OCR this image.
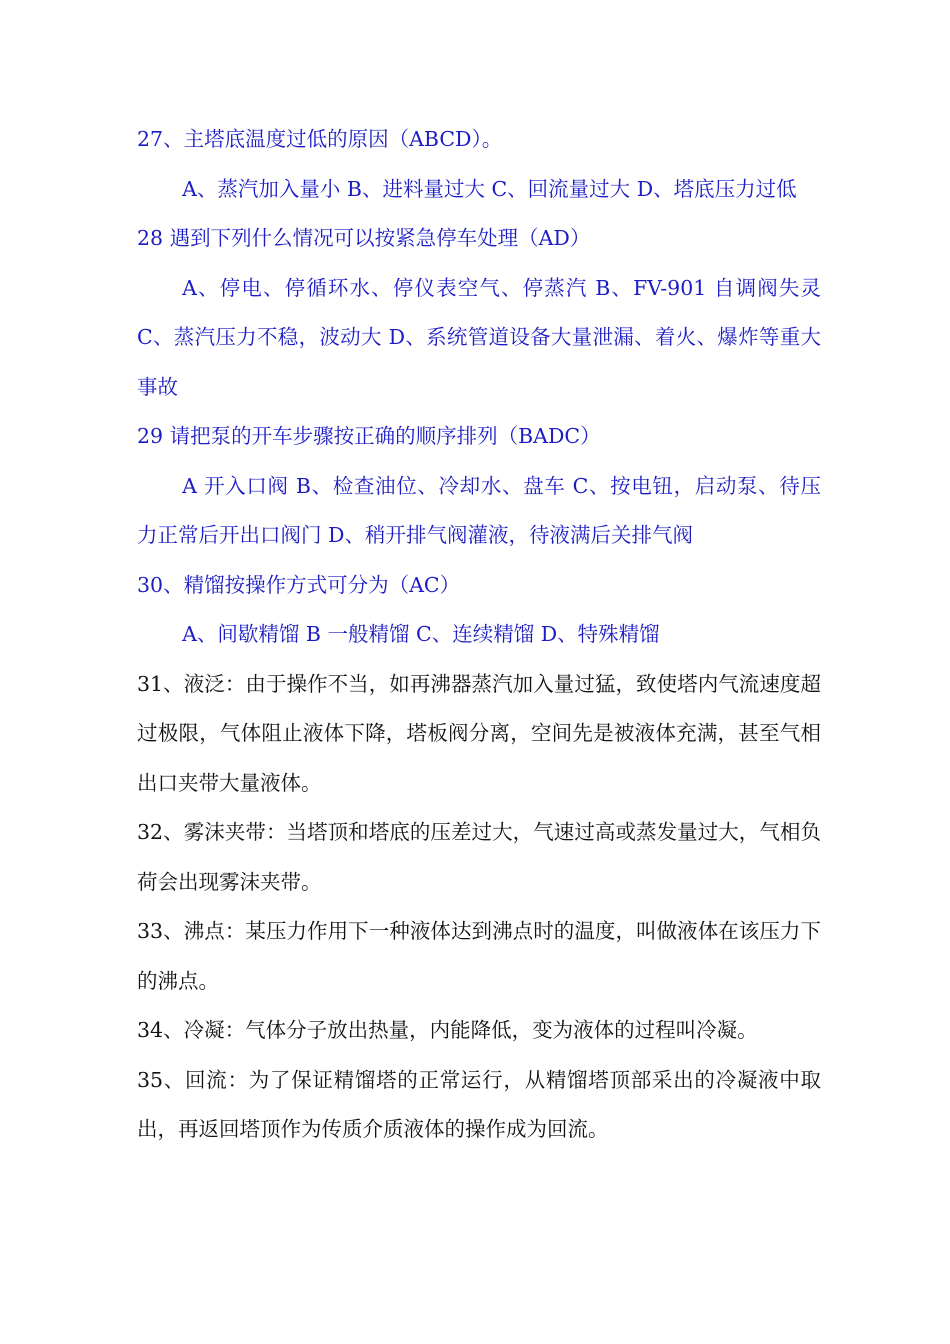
27、主塔底温度过低的原因（ABCD）。

A、蒸汽加入量小 B、进料量过大 C、回流量过大 D、塔底压力过低

28 遇到下列什么情况可以按紧急停车处理（AD）

A、停电、停循环水、停仪表空气、停蒸汽 B、FV-901 自调阀失灵 C、蒸汽压力不稳，波动大 D、系统管道设备大量泄漏、着火、爆炸等重大事故

29 请把泵的开车步骤按正确的顺序排列（BADC）

A 开入口阀 B、检查油位、冷却水、盘车 C、按电钮，启动泵、待压力正常后开出口阀门 D、稍开排气阀灌液，待液满后关排气阀

30、精馏按操作方式可分为（AC）

A、间歇精馏 B 一般精馏 C、连续精馏 D、特殊精馏

31、液泛：由于操作不当，如再沸器蒸汽加入量过猛，致使塔内气流速度超过极限，气体阻止液体下降，塔板阀分离，空间先是被液体充满，甚至气相出口夹带大量液体。

32、雾沫夹带：当塔顶和塔底的压差过大，气速过高或蒸发量过大，气相负荷会出现雾沫夹带。

33、沸点：某压力作用下一种液体达到沸点时的温度，叫做液体在该压力下的沸点。

34、冷凝：气体分子放出热量，内能降低，变为液体的过程叫冷凝。

35、回流：为了保证精馏塔的正常运行，从精馏塔顶部采出的冷凝液中取出，再返回塔顶作为传质介质液体的操作成为回流。
